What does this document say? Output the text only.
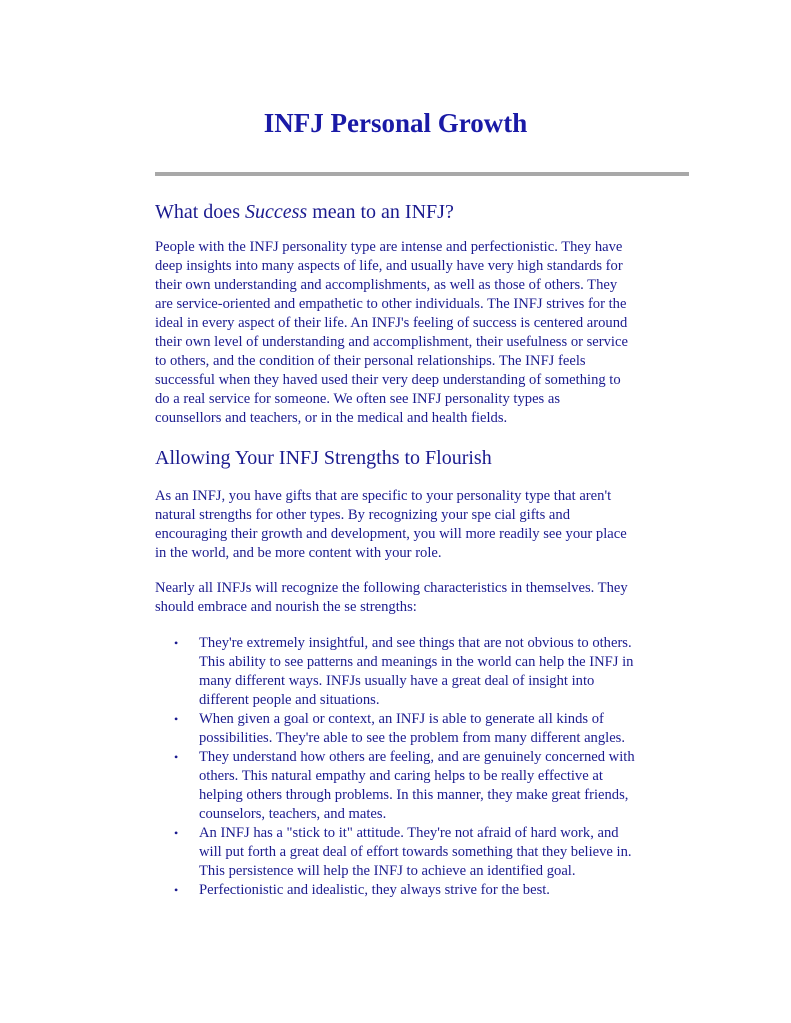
INFJ Personal Growth
What does Success mean to an INFJ?

People with the INFJ personality type are intense and perfectionistic. They have
deep insights into many aspects of life, and usually have very high standards for
their own understanding and accomplishments, as well as those of others. They
are service-oriented and empathetic to other individuals. The INFJ strives for the
ideal in every aspect of their life. An INFJ's feeling of success is centered around
their own level of understanding and accomplishment, their usefulness or service
to others, and the condition of their personal relationships. The INFJ feels
successful when they haved used their very deep understanding of something to
do a real service for someone. We often see INFJ personality types as
counsellors and teachers, or in the medical and health fields.

Allowing Your INFJ Strengths to Flourish

As an INFJ, you have gifts that are specific to your personality type that aren't
natural strengths for other types. By recognizing your spe cial gifts and
encouraging their growth and development, you will more readily see your place
in the world, and be more content with your role.

Nearly all INFJs will recognize the following characteristics in themselves. They
should embrace and nourish the se strengths:

• They're extremely insightful, and see things that are not obvious to others.
This ability to see patterns and meanings in the world can help the INFJ in
many different ways. INFJs usually have a great deal of insight into
different people and situations.
• When given a goal or context, an INFJ is able to generate all kinds of
possibilities. They're able to see the problem from many different angles.
• They understand how others are feeling, and are genuinely concerned with
others. This natural empathy and caring helps to be really effective at
helping others through problems. In this manner, they make great friends,
counselors, teachers, and mates.
• An INFJ has a "stick to it" attitude. They're not afraid of hard work, and
will put forth a great deal of effort towards something that they believe in.
This persistence will help the INFJ to achieve an identified goal.
• Perfectionistic and idealistic, they always strive for the best.
